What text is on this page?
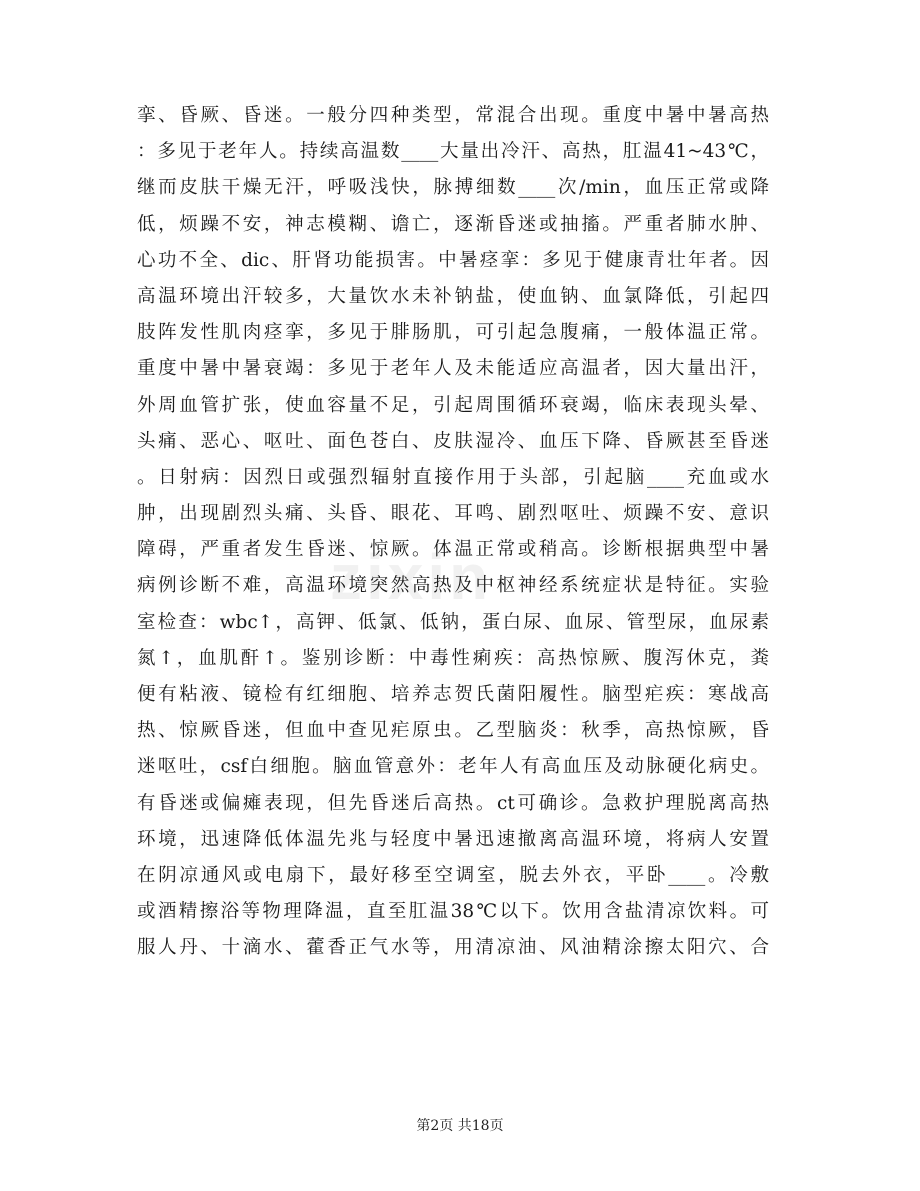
zixin
挛、昏厥、昏迷。一般分四种类型，常混合出现。重度中暑中暑高热
：多见于老年人。持续高温数____大量出冷汗、高热，肛温41~43℃，
继而皮肤干燥无汗，呼吸浅快，脉搏细数____次/min，血压正常或降
低，烦躁不安，神志模糊、谵亡，逐渐昏迷或抽搐。严重者肺水肿、
心功不全、dic、肝肾功能损害。中暑痉挛：多见于健康青壮年者。因
高温环境出汗较多，大量饮水未补钠盐，使血钠、血氯降低，引起四
肢阵发性肌肉痉挛，多见于腓肠肌，可引起急腹痛，一般体温正常。
重度中暑中暑衰竭：多见于老年人及未能适应高温者，因大量出汗，
外周血管扩张，使血容量不足，引起周围循环衰竭，临床表现头晕、
头痛、恶心、呕吐、面色苍白、皮肤湿冷、血压下降、昏厥甚至昏迷
。日射病：因烈日或强烈辐射直接作用于头部，引起脑____充血或水
肿，出现剧烈头痛、头昏、眼花、耳鸣、剧烈呕吐、烦躁不安、意识
障碍，严重者发生昏迷、惊厥。体温正常或稍高。诊断根据典型中暑
病例诊断不难，高温环境突然高热及中枢神经系统症状是特征。实验
室检查：wbc↑，高钾、低氯、低钠，蛋白尿、血尿、管型尿，血尿素
氮↑，血肌酐↑。鉴别诊断：中毒性痢疾：高热惊厥、腹泻休克，粪
便有粘液、镜检有红细胞、培养志贺氏菌阳履性。脑型疟疾：寒战高
热、惊厥昏迷，但血中查见疟原虫。乙型脑炎：秋季，高热惊厥，昏
迷呕吐，csf白细胞。脑血管意外：老年人有高血压及动脉硬化病史。
有昏迷或偏瘫表现，但先昏迷后高热。ct可确诊。急救护理脱离高热
环境，迅速降低体温先兆与轻度中暑迅速撤离高温环境，将病人安置
在阴凉通风或电扇下，最好移至空调室，脱去外衣，平卧____。冷敷
或酒精擦浴等物理降温，直至肛温38℃以下。饮用含盐清凉饮料。可
服人丹、十滴水、藿香正气水等，用清凉油、风油精涂擦太阳穴、合
第2页 共18页
